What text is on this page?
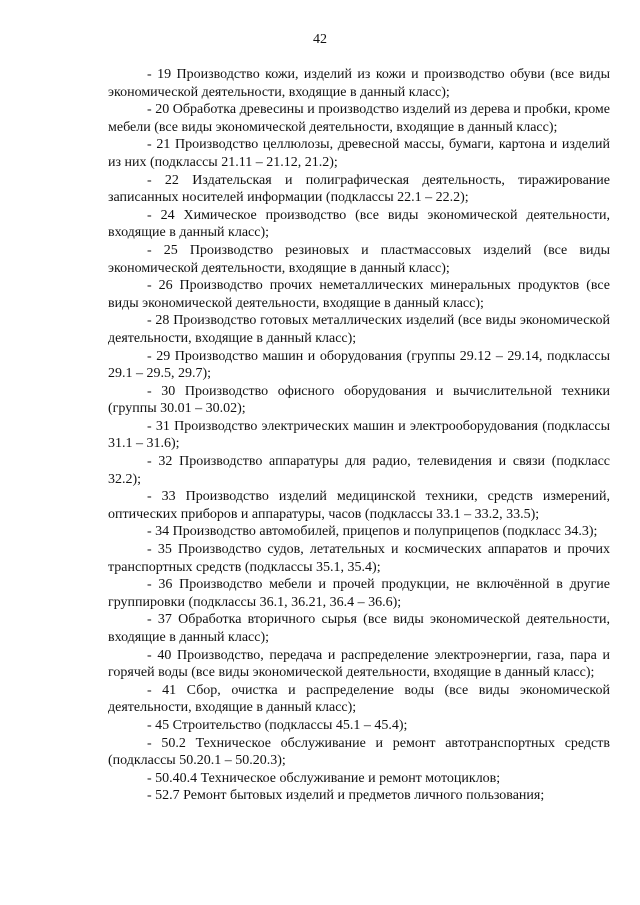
42

- 19 Производство кожи, изделий из кожи и производство обуви (все виды экономической деятельности, входящие в данный класс);

- 20 Обработка древесины и производство изделий из дерева и пробки, кроме мебели (все виды экономической деятельности, входящие в данный класс);

- 21 Производство целлюлозы, древесной массы, бумаги, картона и изделий из них (подклассы 21.11 – 21.12, 21.2);

- 22 Издательская и полиграфическая деятельность, тиражирование записанных носителей информации (подклассы 22.1 – 22.2);

- 24 Химическое производство (все виды экономической деятельности, входящие в данный класс);

- 25 Производство резиновых и пластмассовых изделий (все виды экономической деятельности, входящие в данный класс);

- 26 Производство прочих неметаллических минеральных продуктов (все виды экономической деятельности, входящие в данный класс);

- 28 Производство готовых металлических изделий (все виды экономической деятельности, входящие в данный класс);

- 29 Производство машин и оборудования (группы 29.12 – 29.14, подклассы 29.1 – 29.5, 29.7);

- 30 Производство офисного оборудования и вычислительной техники (группы 30.01 – 30.02);

- 31 Производство электрических машин и электрооборудования (подклассы 31.1 – 31.6);

- 32 Производство аппаратуры для радио, телевидения и связи (подкласс 32.2);

- 33 Производство изделий медицинской техники, средств измерений, оптических приборов и аппаратуры, часов (подклассы 33.1 – 33.2, 33.5);

- 34 Производство автомобилей, прицепов и полуприцепов (подкласс 34.3);

- 35 Производство судов, летательных и космических аппаратов и прочих транспортных средств (подклассы 35.1, 35.4);

- 36 Производство мебели и прочей продукции, не включённой в другие группировки (подклассы 36.1, 36.21, 36.4 – 36.6);

- 37 Обработка вторичного сырья (все виды экономической деятельности, входящие в данный класс);

- 40 Производство, передача и распределение электроэнергии, газа, пара и горячей воды (все виды экономической деятельности, входящие в данный класс);

- 41 Сбор, очистка и распределение воды (все виды экономической деятельности, входящие в данный класс);

- 45 Строительство (подклассы 45.1 – 45.4);

- 50.2 Техническое обслуживание и ремонт автотранспортных средств (подклассы 50.20.1 – 50.20.3);

- 50.40.4 Техническое обслуживание и ремонт мотоциклов;

- 52.7 Ремонт бытовых изделий и предметов личного пользования;
